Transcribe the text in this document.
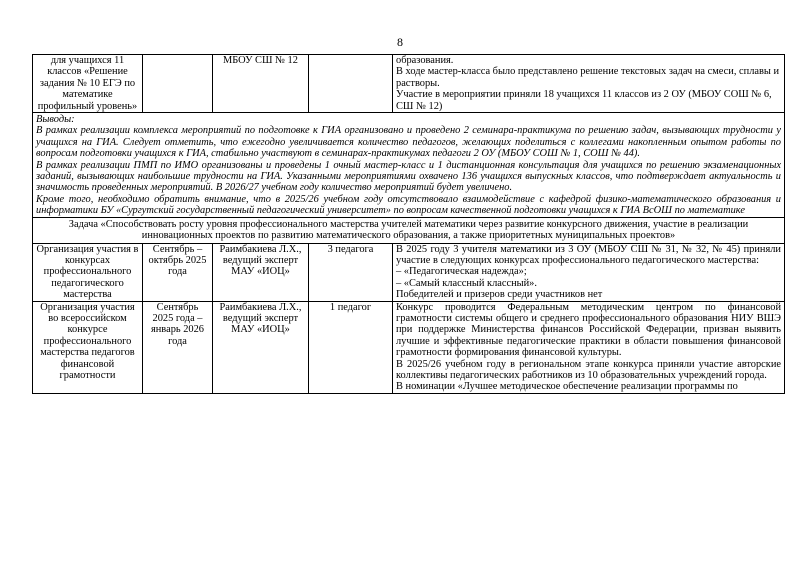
8
для учащихся 11 классов «Решение задания № 10 ЕГЭ по математике профильный уровень»		МБОУ СШ № 12		образования.
В ходе мастер-класса было представлено решение текстовых задач на смеси, сплавы и растворы.
Участие в мероприятии приняли 18 учащихся 11 классов из 2 ОУ (МБОУ СОШ № 6, СШ № 12)

Выводы:
В рамках реализации комплекса мероприятий по подготовке к ГИА организовано и проведено 2 семинара-практикума по решению задач, вызывающих трудности у учащихся на ГИА. Следует отметить, что ежегодно увеличивается количество педагогов, желающих поделиться с коллегами накопленным опытом работы по вопросам подготовки учащихся к ГИА, стабильно участвуют в семинарах-практикумах педагоги 2 ОУ (МБОУ СОШ № 1, СОШ № 44).
В рамках реализации ПМП по ИМО организованы и проведены 1 очный мастер-класс и 1 дистанционная консультация для учащихся по решению экзаменационных заданий, вызывающих наибольшие трудности на ГИА. Указанными мероприятиями охвачено 136 учащихся выпускных классов, что подтверждает актуальность и значимость проведенных мероприятий. В 2026/27 учебном году количество мероприятий будет увеличено.
Кроме того, необходимо обратить внимание, что в 2025/26 учебном году отсутствовало взаимодействие с кафедрой физико-математического образования и информатики БУ «Сургутский государственный педагогический университет» по вопросам качественной подготовки учащихся к ГИА ВсОШ по математике				

Задача «Способствовать росту уровня профессионального мастерства учителей математики через развитие конкурсного движения, участие в реализации инновационных проектов по развитию математического образования, а также приоритетных муниципальных проектов»				
Организация участия в конкурсах профессионального педагогического мастерства	Сентябрь – октябрь 2025 года	Раимбакиева Л.Х., ведущий эксперт МАУ «ИОЦ»	3 педагога	В 2025 году 3 учителя математики из 3 ОУ (МБОУ СШ № 31, № 32, № 45) приняли участие в следующих конкурсах профессионального педагогического мастерства:
– «Педагогическая надежда»;
– «Самый классный классный».
Победителей и призеров среди участников нет

Организация участия во всероссийском конкурсе профессионального мастерства педагогов финансовой грамотности	Сентябрь 2025 года – январь 2026 года	Раимбакиева Л.Х., ведущий эксперт МАУ «ИОЦ»	1 педагог	Конкурс проводится Федеральным методическим центром по финансовой грамотности системы общего и среднего профессионального образования НИУ ВШЭ при поддержке Министерства финансов Российской Федерации, призван выявить лучшие и эффективные педагогические практики в области повышения финансовой грамотности формирования финансовой культуры.
В 2025/26 учебном году в региональном этапе конкурса приняли участие авторские коллективы педагогических работников из 10 образовательных учреждений города.
В номинации «Лучшее методическое обеспечение реализации программы по
